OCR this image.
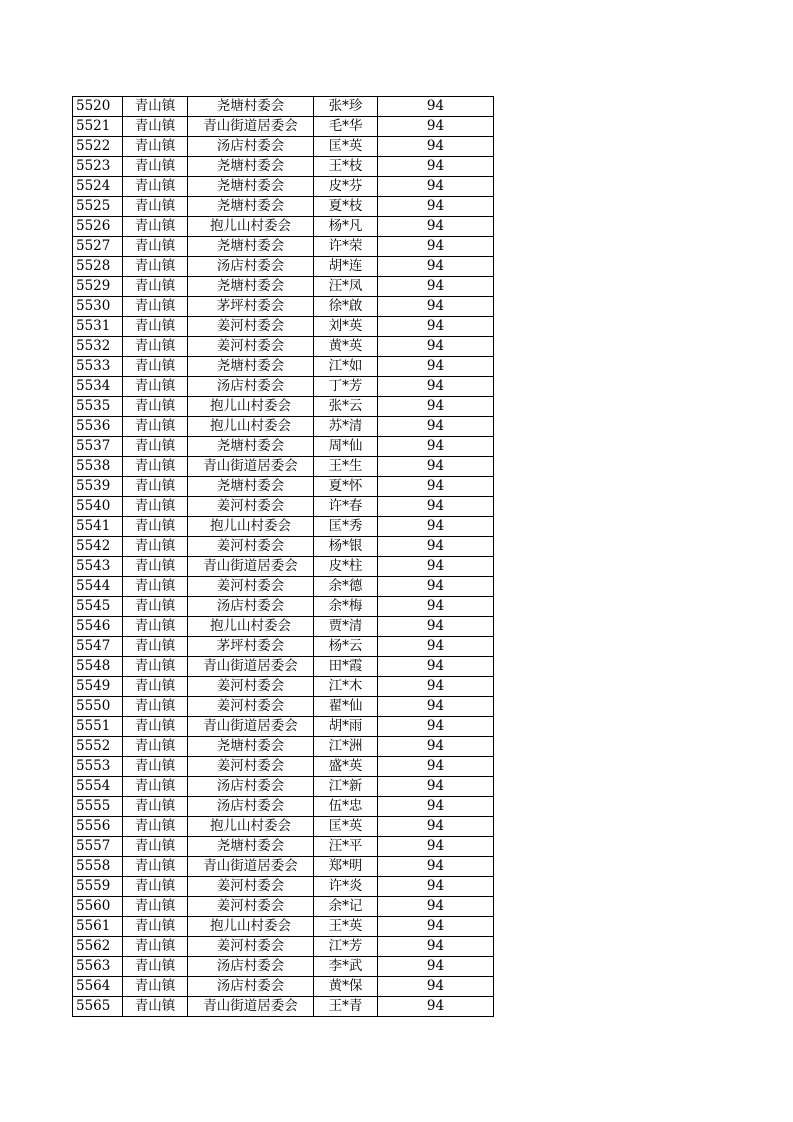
5520	青山镇	尧塘村委会	张*珍	94
5521	青山镇	青山街道居委会	毛*华	94
5522	青山镇	汤店村委会	匡*英	94
5523	青山镇	尧塘村委会	王*枝	94
5524	青山镇	尧塘村委会	皮*芬	94
5525	青山镇	尧塘村委会	夏*枝	94
5526	青山镇	抱儿山村委会	杨*凡	94
5527	青山镇	尧塘村委会	许*荣	94
5528	青山镇	汤店村委会	胡*连	94
5529	青山镇	尧塘村委会	汪*凤	94
5530	青山镇	茅坪村委会	徐*啟	94
5531	青山镇	姜河村委会	刘*英	94
5532	青山镇	姜河村委会	黄*英	94
5533	青山镇	尧塘村委会	江*如	94
5534	青山镇	汤店村委会	丁*芳	94
5535	青山镇	抱儿山村委会	张*云	94
5536	青山镇	抱儿山村委会	苏*清	94
5537	青山镇	尧塘村委会	周*仙	94
5538	青山镇	青山街道居委会	王*生	94
5539	青山镇	尧塘村委会	夏*怀	94
5540	青山镇	姜河村委会	许*春	94
5541	青山镇	抱儿山村委会	匡*秀	94
5542	青山镇	姜河村委会	杨*银	94
5543	青山镇	青山街道居委会	皮*柱	94
5544	青山镇	姜河村委会	余*德	94
5545	青山镇	汤店村委会	余*梅	94
5546	青山镇	抱儿山村委会	贾*清	94
5547	青山镇	茅坪村委会	杨*云	94
5548	青山镇	青山街道居委会	田*霞	94
5549	青山镇	姜河村委会	江*木	94
5550	青山镇	姜河村委会	翟*仙	94
5551	青山镇	青山街道居委会	胡*雨	94
5552	青山镇	尧塘村委会	江*洲	94
5553	青山镇	姜河村委会	盛*英	94
5554	青山镇	汤店村委会	江*新	94
5555	青山镇	汤店村委会	伍*忠	94
5556	青山镇	抱儿山村委会	匡*英	94
5557	青山镇	尧塘村委会	汪*平	94
5558	青山镇	青山街道居委会	郑*明	94
5559	青山镇	姜河村委会	许*炎	94
5560	青山镇	姜河村委会	余*记	94
5561	青山镇	抱儿山村委会	王*英	94
5562	青山镇	姜河村委会	江*芳	94
5563	青山镇	汤店村委会	李*武	94
5564	青山镇	汤店村委会	黄*保	94
5565	青山镇	青山街道居委会	王*青	94
